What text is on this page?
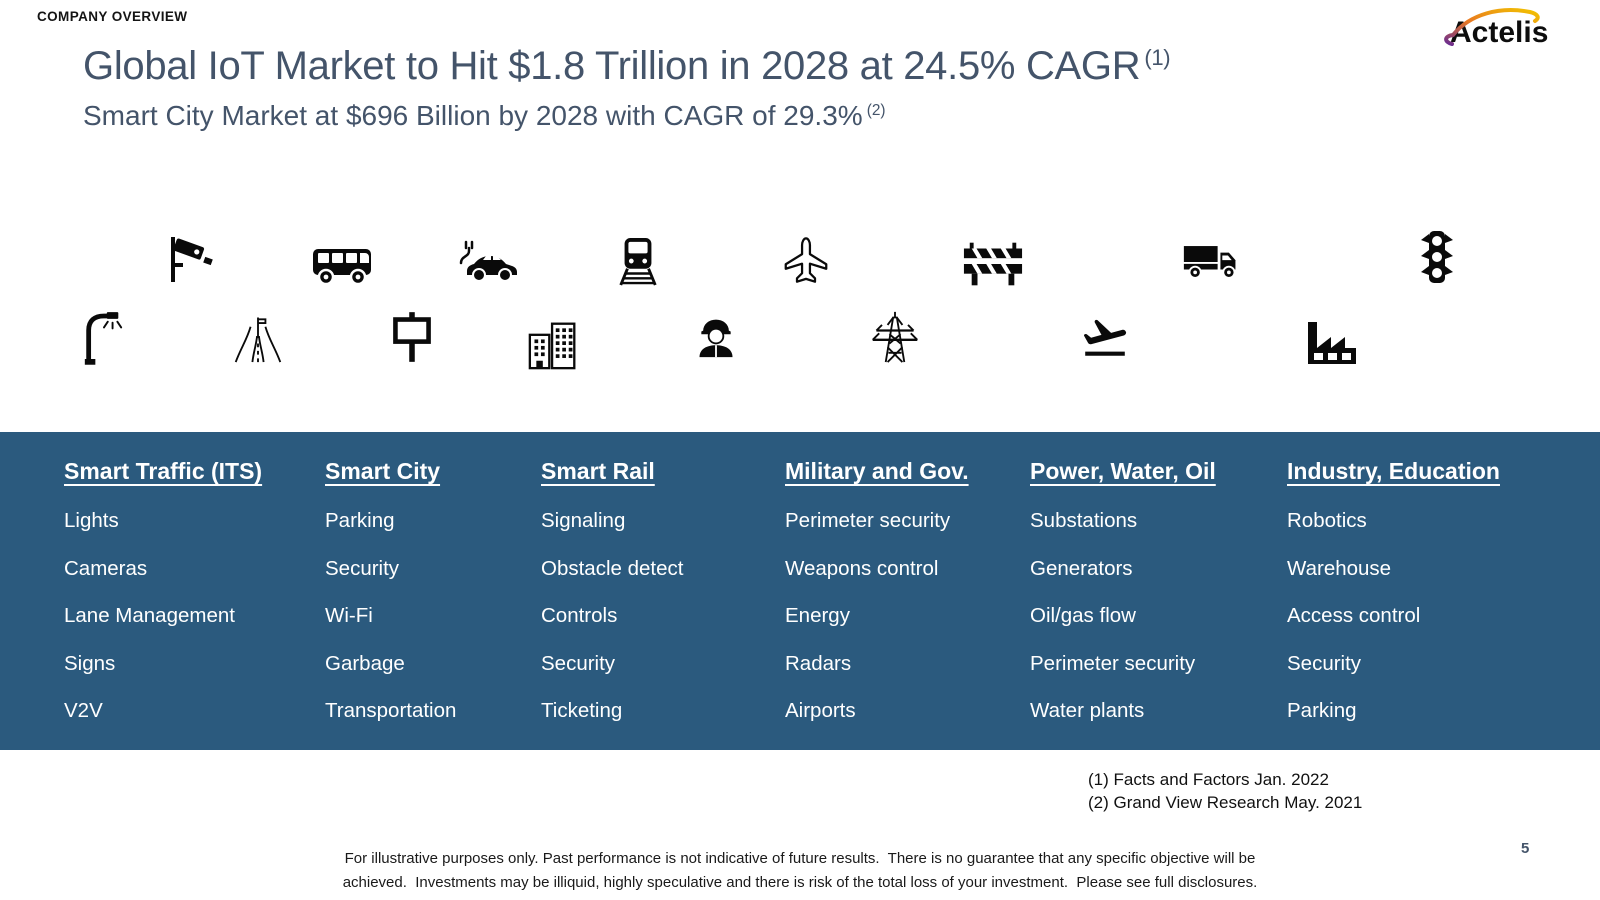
COMPANY OVERVIEW	Actelis
Global IoT Market to Hit $1.8 Trillion in 2028 at 24.5% CAGR $^{(1)}$
Smart City Market at $696 Billion by 2028 with CAGR of 29.3% $^{(2)}$
Smart Traffic (ITS)
Lights
Cameras
Lane Management
Signs
V2V
Smart City
Parking
Security
Wi-Fi
Garbage
Transportation
Smart Rail
Signaling
Obstacle detect
Controls
Security
Ticketing
Military and Gov.
Perimeter security
Weapons control
Energy
Radars
Airports
Power, Water, Oil
Substations
Generators
Oil/gas flow
Perimeter security
Water plants
Industry, Education
Robotics
Warehouse
Access control
Security
Parking
(1) Facts and Factors Jan. 2022
(2) Grand View Research May. 2021
For illustrative purposes only. Past performance is not indicative of future results.  There is no guarantee that any specific objective will be
achieved.  Investments may be illiquid, highly speculative and there is risk of the total loss of your investment.  Please see full disclosures.
5
